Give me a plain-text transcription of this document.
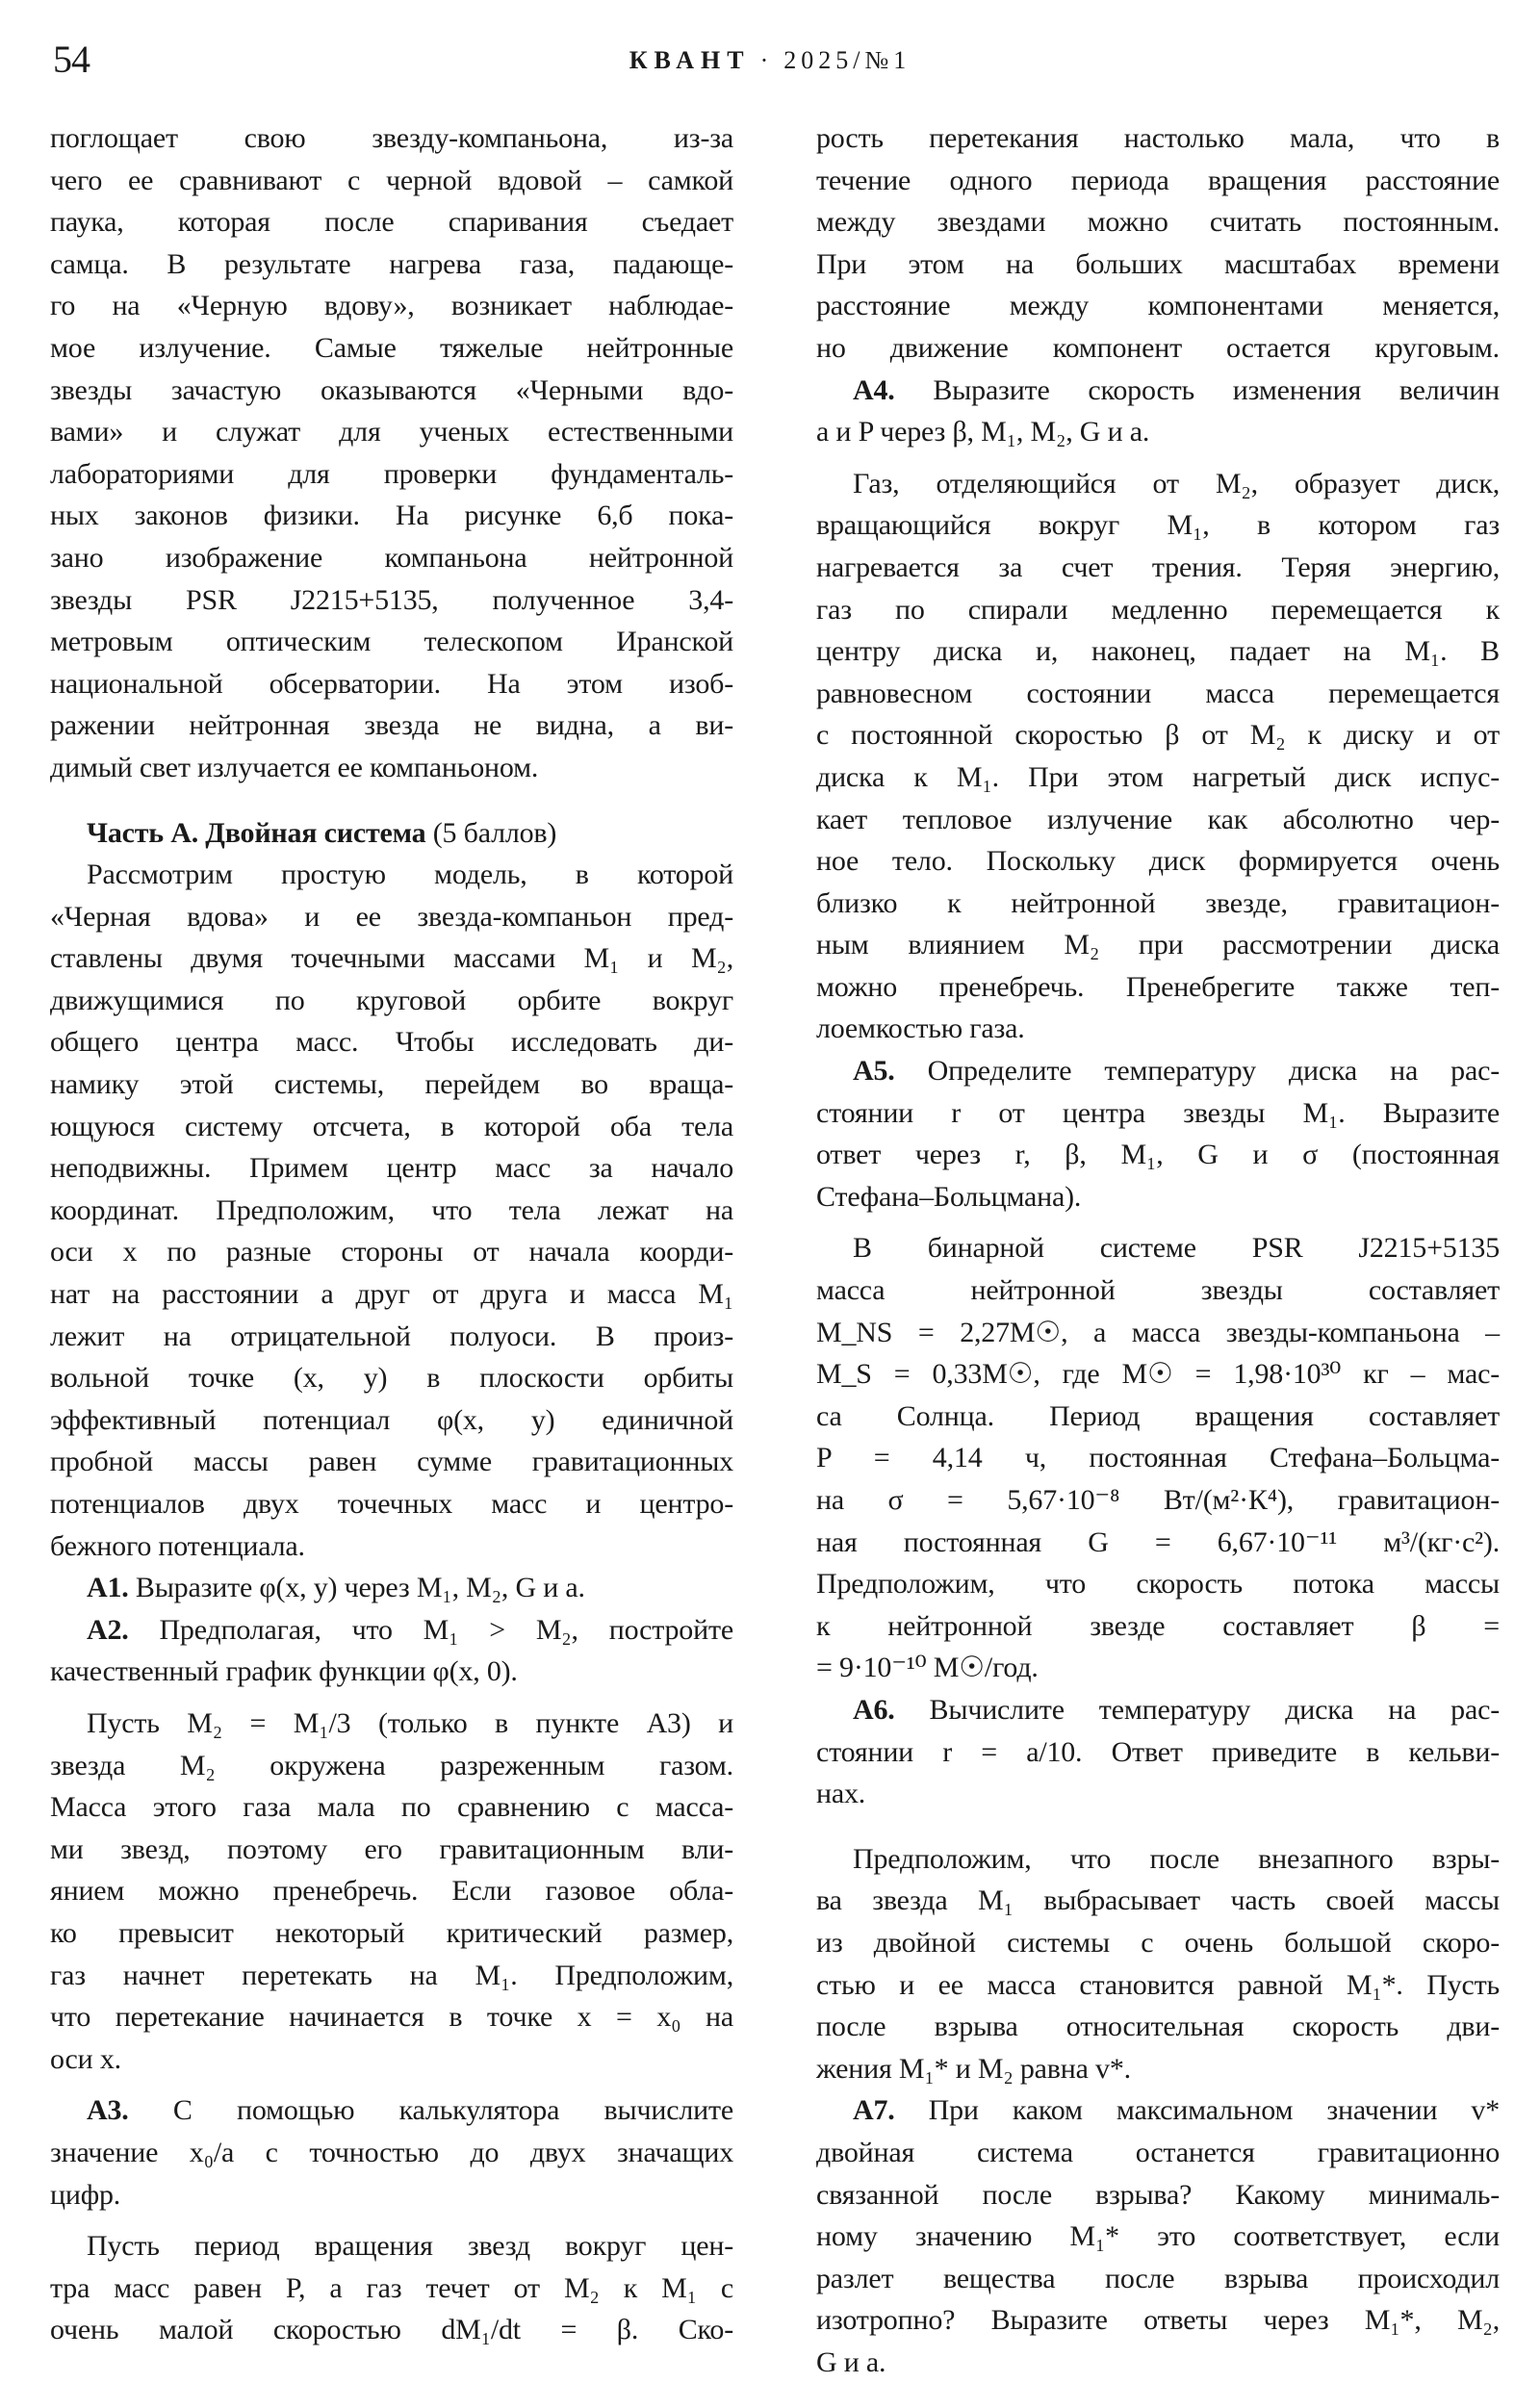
54	КВАНТ · 2025/№1
поглощает свою звезду-компаньона, из-за
чего ее сравнивают с черной вдовой – самкой
паука, которая после спаривания съедает
самца. В результате нагрева газа, падающе-
го на «Черную вдову», возникает наблюдае-
мое излучение. Самые тяжелые нейтронные
звезды зачастую оказываются «Черными вдо-
вами» и служат для ученых естественными
лабораториями для проверки фундаменталь-
ных законов физики. На рисунке 6,б пока-
зано изображение компаньона нейтронной
звезды PSR J2215+5135, полученное 3,4-
метровым оптическим телескопом Иранской
национальной обсерватории. На этом изоб-
ражении нейтронная звезда не видна, а ви-
димый свет излучается ее компаньоном.
Часть А. Двойная система (5 баллов)
Рассмотрим простую модель, в которой
«Черная вдова» и ее звезда-компаньон пред-
ставлены двумя точечными массами M₁ и M₂,
движущимися по круговой орбите вокруг
общего центра масс. Чтобы исследовать ди-
намику этой системы, перейдем во враща-
ющуюся систему отсчета, в которой оба тела
неподвижны. Примем центр масс за начало
координат. Предположим, что тела лежат на
оси x по разные стороны от начала коорди-
нат на расстоянии a друг от друга и масса M₁
лежит на отрицательной полуоси. В произ-
вольной точке (x, y) в плоскости орбиты
эффективный потенциал φ(x, y) единичной
пробной массы равен сумме гравитационных
потенциалов двух точечных масс и центро-
бежного потенциала.
А1. Выразите φ(x, y) через M₁, M₂, G и a.
А2. Предполагая, что M₁ > M₂, постройте
качественный график функции φ(x, 0).
Пусть M₂ = M₁/3 (только в пункте А3) и
звезда M₂ окружена разреженным газом.
Масса этого газа мала по сравнению с масса-
ми звезд, поэтому его гравитационным вли-
янием можно пренебречь. Если газовое обла-
ко превысит некоторый критический размер,
газ начнет перетекать на M₁. Предположим,
что перетекание начинается в точке x = x₀ на
оси x.
А3. С помощью калькулятора вычислите
значение x₀/a с точностью до двух значащих
цифр.
Пусть период вращения звезд вокруг цен-
тра масс равен P, а газ течет от M₂ к M₁ с
очень малой скоростью dM₁/dt = β. Ско-
рость перетекания настолько мала, что в
течение одного периода вращения расстояние
между звездами можно считать постоянным.
При этом на больших масштабах времени
расстояние между компонентами меняется,
но движение компонент остается круговым.
А4. Выразите скорость изменения величин
a и P через β, M₁, M₂, G и a.
Газ, отделяющийся от M₂, образует диск,
вращающийся вокруг M₁, в котором газ
нагревается за счет трения. Теряя энергию,
газ по спирали медленно перемещается к
центру диска и, наконец, падает на M₁. В
равновесном состоянии масса перемещается
с постоянной скоростью β от M₂ к диску и от
диска к M₁. При этом нагретый диск испус-
кает тепловое излучение как абсолютно чер-
ное тело. Поскольку диск формируется очень
близко к нейтронной звезде, гравитацион-
ным влиянием M₂ при рассмотрении диска
можно пренебречь. Пренебрегите также теп-
лоемкостью газа.
А5. Определите температуру диска на рас-
стоянии r от центра звезды M₁. Выразите
ответ через r, β, M₁, G и σ (постоянная
Стефана–Больцмана).
В бинарной системе PSR J2215+5135
масса нейтронной звезды составляет
M_NS = 2,27M☉, а масса звезды-компаньона –
M_S = 0,33M☉, где M☉ = 1,98·10³⁰ кг – мас-
са Солнца. Период вращения составляет
P = 4,14 ч, постоянная Стефана–Больцма-
на σ = 5,67·10⁻⁸ Вт/(м²·К⁴), гравитацион-
ная постоянная G = 6,67·10⁻¹¹ м³/(кг·с²).
Предположим, что скорость потока массы
к нейтронной звезде составляет β =
= 9·10⁻¹⁰ M☉/год.
А6. Вычислите температуру диска на рас-
стоянии r = a/10. Ответ приведите в кельви-
нах.
Предположим, что после внезапного взры-
ва звезда M₁ выбрасывает часть своей массы
из двойной системы с очень большой скоро-
стью и ее масса становится равной M₁*. Пусть
после взрыва относительная скорость дви-
жения M₁* и M₂ равна v*.
А7. При каком максимальном значении v*
двойная система останется гравитационно
связанной после взрыва? Какому минималь-
ному значению M₁* это соответствует, если
разлет вещества после взрыва происходил
изотропно? Выразите ответы через M₁*, M₂,
G и a.
